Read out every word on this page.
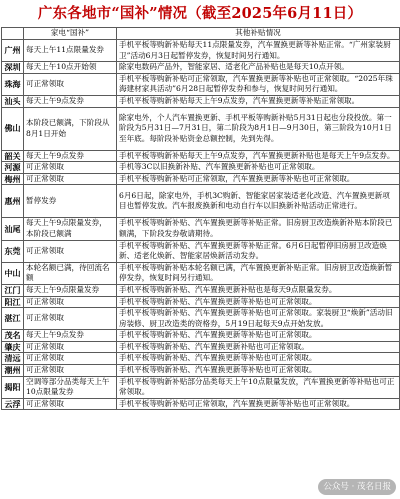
广东各地市“国补”情况（截至2025年6月11日）
	家电“国补”	其他补贴情况
广州	每天上午11点限量发券	手机平板等购新补贴每天11点限量发券，汽车置换更新等补贴正常。“广州家装厨卫”活动6月3日起暂停发券，恢复时间另行通知。
深圳	每天上午10点开始领	除家电数码产品外，智能家居、适老化产品补贴也是每天10点开领。
珠海	可正常领取	手机平板等购新补贴可正常领取，汽车置换更新等补贴也可正常领取。“2025年珠海建材家具活动”6月28日起暂停发券和参与，恢复时间另行通知。
汕头	每天上午9点发券	手机平板等购新补贴每天上午9点发券，汽车置换更新等补贴正常领取。
佛山	本阶段已额满，下阶段从8月1日开始	除家电外，个人汽车置换更新、手机平板等购新补贴5月31日起也分段投放。第一阶段为5月31日—7月31日，第二阶段为8月1日—9月30日，第三阶段为10月1日至年底。每阶段补贴资金总额控制，先到先得。
韶关	每天上午9点发券	手机平板等购新补贴每天上午9点发券，汽车置换更新补贴也是每天上午9点发券。
河源	可正常领取	手机等3C以旧换新补贴、汽车置换更新补贴也可正常领取。
梅州	可正常领取	手机平板等购新补贴可正常领取，汽车置换更新等补贴也可正常领取。
惠州	暂停发券	6月6日起，除家电外，手机3C购新、智能家居家装适老化改造、汽车置换更新项目也暂停发放。汽车报废换新和电动自行车以旧换新补贴活动正常进行。
汕尾	每天上午9点限量发券，本阶段已额满	手机平板等购新补贴、汽车置换更新等补贴正常。旧房厨卫改造焕新补贴本阶段已额满，下阶段发券敬请期待。
东莞	可正常领取	手机平板等购新补贴、汽车置换更新等补贴正常。6月6日起暂停旧房厨卫改造焕新、适老化焕新、智能家居焕新活动发券。
中山	本轮名额已满，待回流名额	手机平板等购新补贴本轮名额已满，汽车置换更新补贴正常。旧房厨卫改造焕新暂停发券，恢复时间另行通知。
江门	每天上午9点限量发券	手机平板等购新补贴、汽车置换更新补贴也是每天9点限量发券。
阳江	可正常领取	手机平板等购新补贴、汽车置换更新等补贴也可正常领取。
湛江	可正常领取	手机平板等购新补贴、汽车置换更新等补贴也可正常领取。家装厨卫“焕新”活动旧房装修、厨卫改造类的资格券，5月19日起每天9点开始发放。
茂名	每天上午9点发券	手机平板等购新补贴、汽车置换更新等补贴也可正常领取。
肇庆	可正常领取	手机平板等购新补贴、汽车置换更新补贴也可正常领取。
清远	可正常领取	手机平板等购新补贴、汽车置换更新等补贴也可正常领取。
潮州	可正常领取	手机平板等购新补贴、汽车置换更新等补贴也可正常领取。
揭阳	空调等部分品类每天上午10点限量发券	手机平板等购新补贴部分品类每天上午10点限量发放，汽车置换更新等补贴也可正常领取。
云浮	可正常领取	手机平板等购新补贴可正常领取，汽车置换更新等补贴也可正常领取。
公众号 · 茂名日报
